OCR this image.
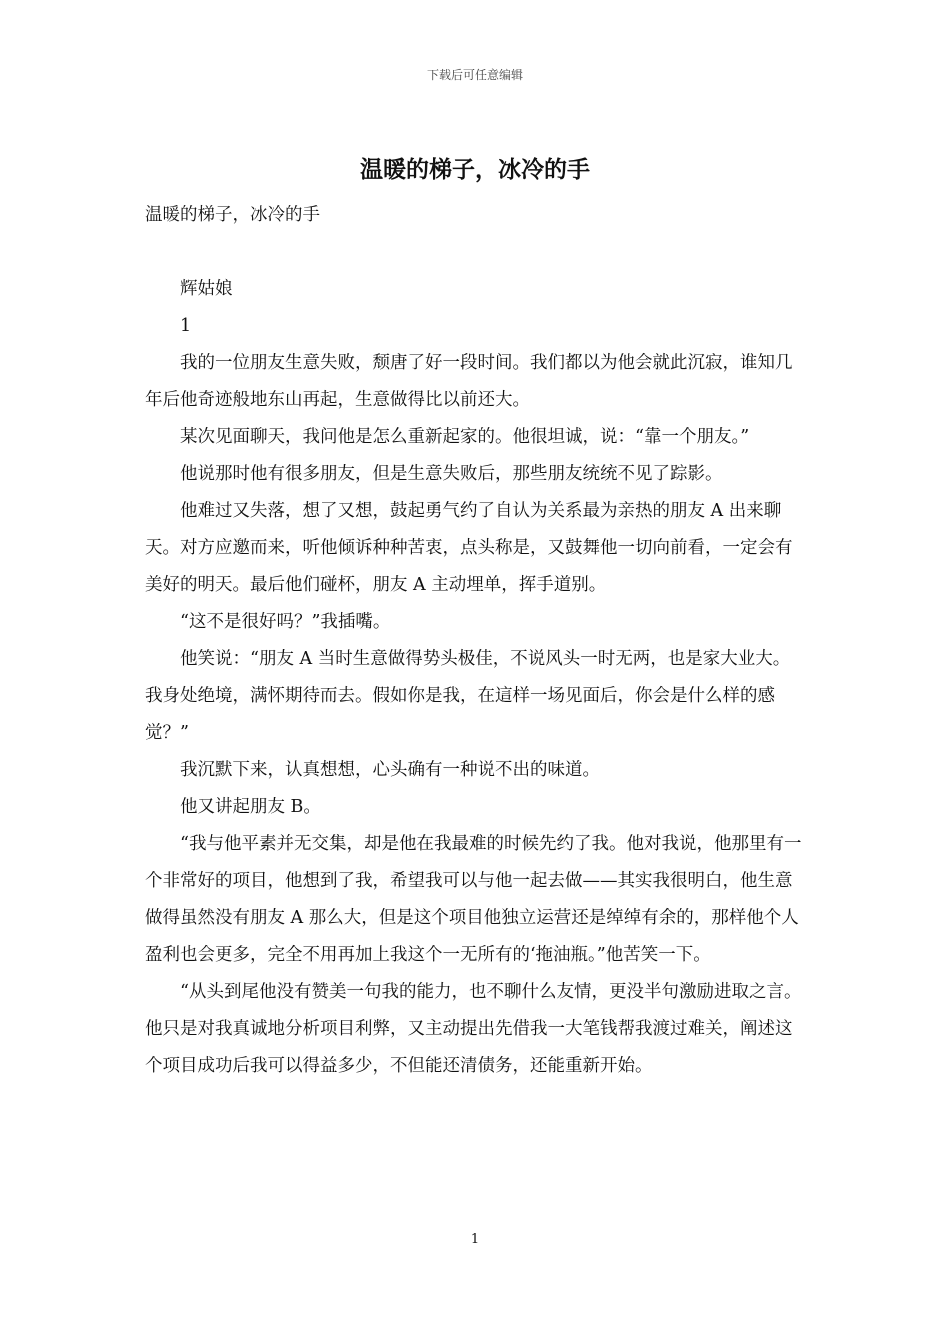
下载后可任意编辑
温暖的梯子，冰冷的手

温暖的梯子，冰冷的手

辉姑娘

1

我的一位朋友生意失败，颓唐了好一段时间。我们都以为他会就此沉寂，谁知几年后他奇迹般地东山再起，生意做得比以前还大。

某次见面聊天，我问他是怎么重新起家的。他很坦诚，说：“靠一个朋友。”

他说那时他有很多朋友，但是生意失败后，那些朋友统统不见了踪影。

他难过又失落，想了又想，鼓起勇气约了自认为关系最为亲热的朋友 A 出来聊天。对方应邀而来，听他倾诉种种苦衷，点头称是，又鼓舞他一切向前看，一定会有美好的明天。最后他们碰杯，朋友 A 主动埋单，挥手道别。

“这不是很好吗？”我插嘴。

他笑说：“朋友 A 当时生意做得势头极佳，不说风头一时无两，也是家大业大。我身处绝境，满怀期待而去。假如你是我，在這样一场见面后，你会是什么样的感觉？”

我沉默下来，认真想想，心头确有一种说不出的味道。

他又讲起朋友 B。

“我与他平素并无交集，却是他在我最难的时候先约了我。他对我说，他那里有一个非常好的项目，他想到了我，希望我可以与他一起去做——其实我很明白，他生意做得虽然没有朋友 A 那么大，但是这个项目他独立运营还是绰绰有余的，那样他个人盈利也会更多，完全不用再加上我这个一无所有的‘拖油瓶。”他苦笑一下。

“从头到尾他没有赞美一句我的能力，也不聊什么友情，更没半句激励进取之言。他只是对我真诚地分析项目利弊，又主动提出先借我一大笔钱帮我渡过难关，阐述这个项目成功后我可以得益多少，不但能还清债务，还能重新开始。

1
